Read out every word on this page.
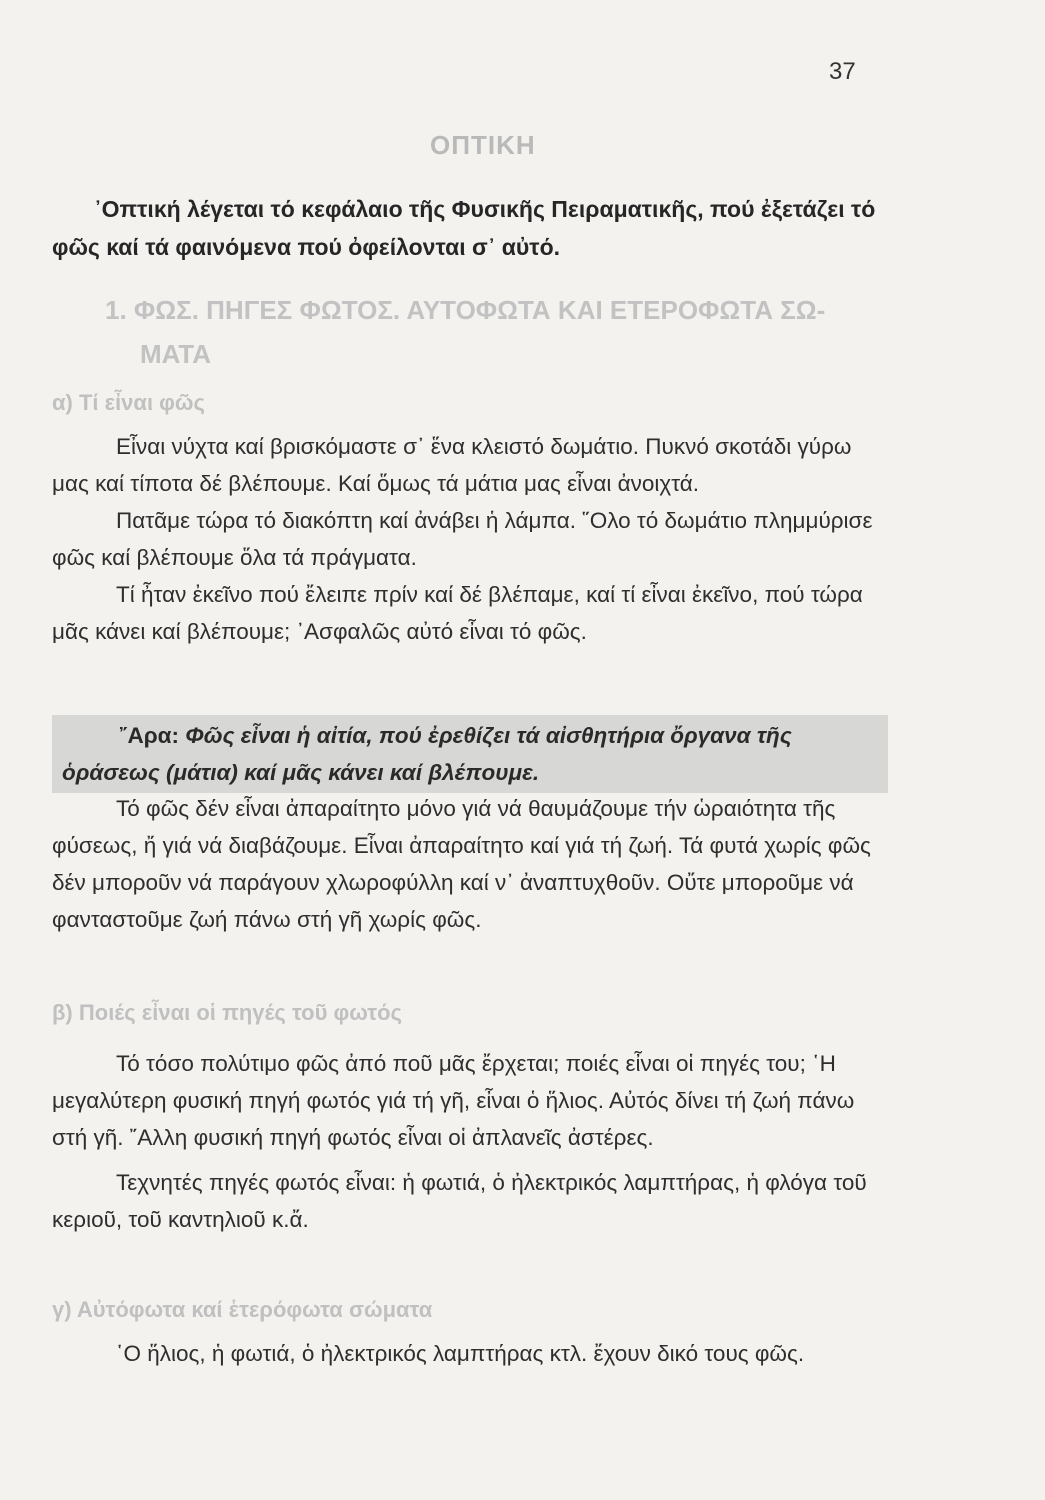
37
ΟΠΤΙΚΗ

᾿Οπτική λέγεται τό κεφάλαιο τῆς Φυσικῆς Πειραματικῆς, πού ἐξετάζει τό φῶς καί τά φαινόμενα πού ὀφείλονται σ᾿ αὐτό.

1. ΦΩΣ. ΠΗΓΕΣ ΦΩΤΟΣ. ΑΥΤΟΦΩΤΑ ΚΑΙ ΕΤΕΡΟΦΩΤΑ ΣΩ-
ΜΑΤΑ
α) Τί εἶναι φῶς

Εἶναι νύχτα καί βρισκόμαστε σ᾿ ἕνα κλειστό δωμάτιο. Πυκνό σκοτάδι γύρω μας καί τίποτα δέ βλέπουμε. Καί ὅμως τά μάτια μας εἶναι ἀνοιχτά.

Πατᾶμε τώρα τό διακόπτη καί ἀνάβει ἡ λάμπα. ῞Ολο τό δωμάτιο πλημμύρισε φῶς καί βλέπουμε ὅλα τά πράγματα.

Τί ἦταν ἐκεῖνο πού ἔλειπε πρίν καί δέ βλέπαμε, καί τί εἶναι ἐκεῖνο, πού τώρα μᾶς κάνει καί βλέπουμε; ᾿Ασφαλῶς αὐτό εἶναι τό φῶς.

῎Αρα: Φῶς εἶναι ἡ αἰτία, πού ἐρεθίζει τά αἰσθητήρια ὄργανα τῆς ὁράσεως (μάτια) καί μᾶς κάνει καί βλέπουμε.

Τό φῶς δέν εἶναι ἀπαραίτητο μόνο γιά νά θαυμάζουμε τήν ὡραιότητα τῆς φύσεως, ἤ γιά νά διαβάζουμε. Εἶναι ἀπαραίτητο καί γιά τή ζωή. Τά φυτά χωρίς φῶς δέν μποροῦν νά παράγουν χλωροφύλλη καί ν᾿ ἀναπτυχθοῦν. Οὔτε μποροῦμε νά φανταστοῦμε ζωή πάνω στή γῆ χωρίς φῶς.

β) Ποιές εἶναι οἱ πηγές τοῦ φωτός

Τό τόσο πολύτιμο φῶς ἀπό ποῦ μᾶς ἔρχεται; ποιές εἶναι οἱ πηγές του; ῾Η μεγαλύτερη φυσική πηγή φωτός γιά τή γῆ, εἶναι ὁ ἥλιος. Αὐτός δίνει τή ζωή πάνω στή γῆ. ῎Αλλη φυσική πηγή φωτός εἶναι οἱ ἀπλανεῖς ἀστέρες.

Τεχνητές πηγές φωτός εἶναι: ἡ φωτιά, ὁ ἠλεκτρικός λαμπτήρας, ἡ φλόγα τοῦ κεριοῦ, τοῦ καντηλιοῦ κ.ἄ.

γ) Αὐτόφωτα καί ἑτερόφωτα σώματα

῾Ο ἥλιος, ἡ φωτιά, ὁ ἠλεκτρικός λαμπτήρας κτλ. ἔχουν δικό τους φῶς.
